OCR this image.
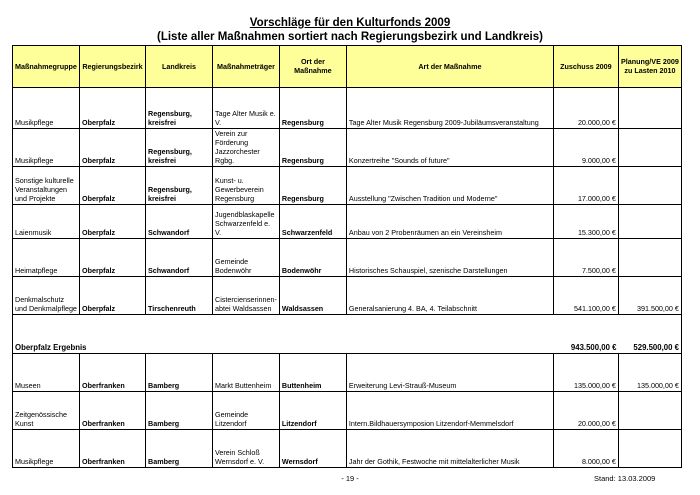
Vorschläge für den Kulturfonds 2009
(Liste aller Maßnahmen sortiert nach Regierungsbezirk und Landkreis)
Maßnahmegruppe	Regierungsbezirk	Landkreis	Maßnahmeträger	Ort der Maßnahme	Art der Maßnahme	Zuschuss 2009	Planung/VE 2009 zu Lasten 2010
Musikpflege	Oberpfalz	Regensburg, kreisfrei	Tage Alter Musik e. V.	Regensburg	Tage Alter Musik Regensburg 2009-Jubiläumsveranstaltung	20.000,00 €	
Musikpflege	Oberpfalz	Regensburg, kreisfrei	Verein zur Förderung Jazzorchester Rgbg.	Regensburg	Konzertreihe "Sounds of future"	9.000,00 €	
Sonstige kulturelle Veranstaltungen und Projekte	Oberpfalz	Regensburg, kreisfrei	Kunst- u. Gewerbeverein Regensburg	Regensburg	Ausstellung "Zwischen Tradition und Moderne"	17.000,00 €	
Laienmusik	Oberpfalz	Schwandorf	Jugendblaskapelle Schwarzenfeld e. V.	Schwarzenfeld	Anbau von 2 Probenräumen an ein Vereinsheim	15.300,00 €	
Heimatpflege	Oberpfalz	Schwandorf	Gemeinde Bodenwöhr	Bodenwöhr	Historisches Schauspiel, szenische Darstellungen	7.500,00 €	
Denkmalschutz und Denkmalpflege	Oberpfalz	Tirschenreuth	Cistercienserinnen-abtei Waldsassen	Waldsassen	Generalsanierung 4. BA, 4. Teilabschnitt	541.100,00 €	391.500,00 €
Oberpfalz Ergebnis						943.500,00 €	529.500,00 €
Museen	Oberfranken	Bamberg	Markt Buttenheim	Buttenheim	Erweiterung Levi-Strauß-Museum	135.000,00 €	135.000,00 €
Zeitgenössische Kunst	Oberfranken	Bamberg	Gemeinde Litzendorf	Litzendorf	Intern.Bildhauersymposion Litzendorf-Memmelsdorf	20.000,00 €	
Musikpflege	Oberfranken	Bamberg	Verein Schloß Wernsdorf e. V.	Wernsdorf	Jahr der Gothik, Festwoche mit mittelalterlicher Musik	8.000,00 €	
- 19 -	Stand: 13.03.2009
